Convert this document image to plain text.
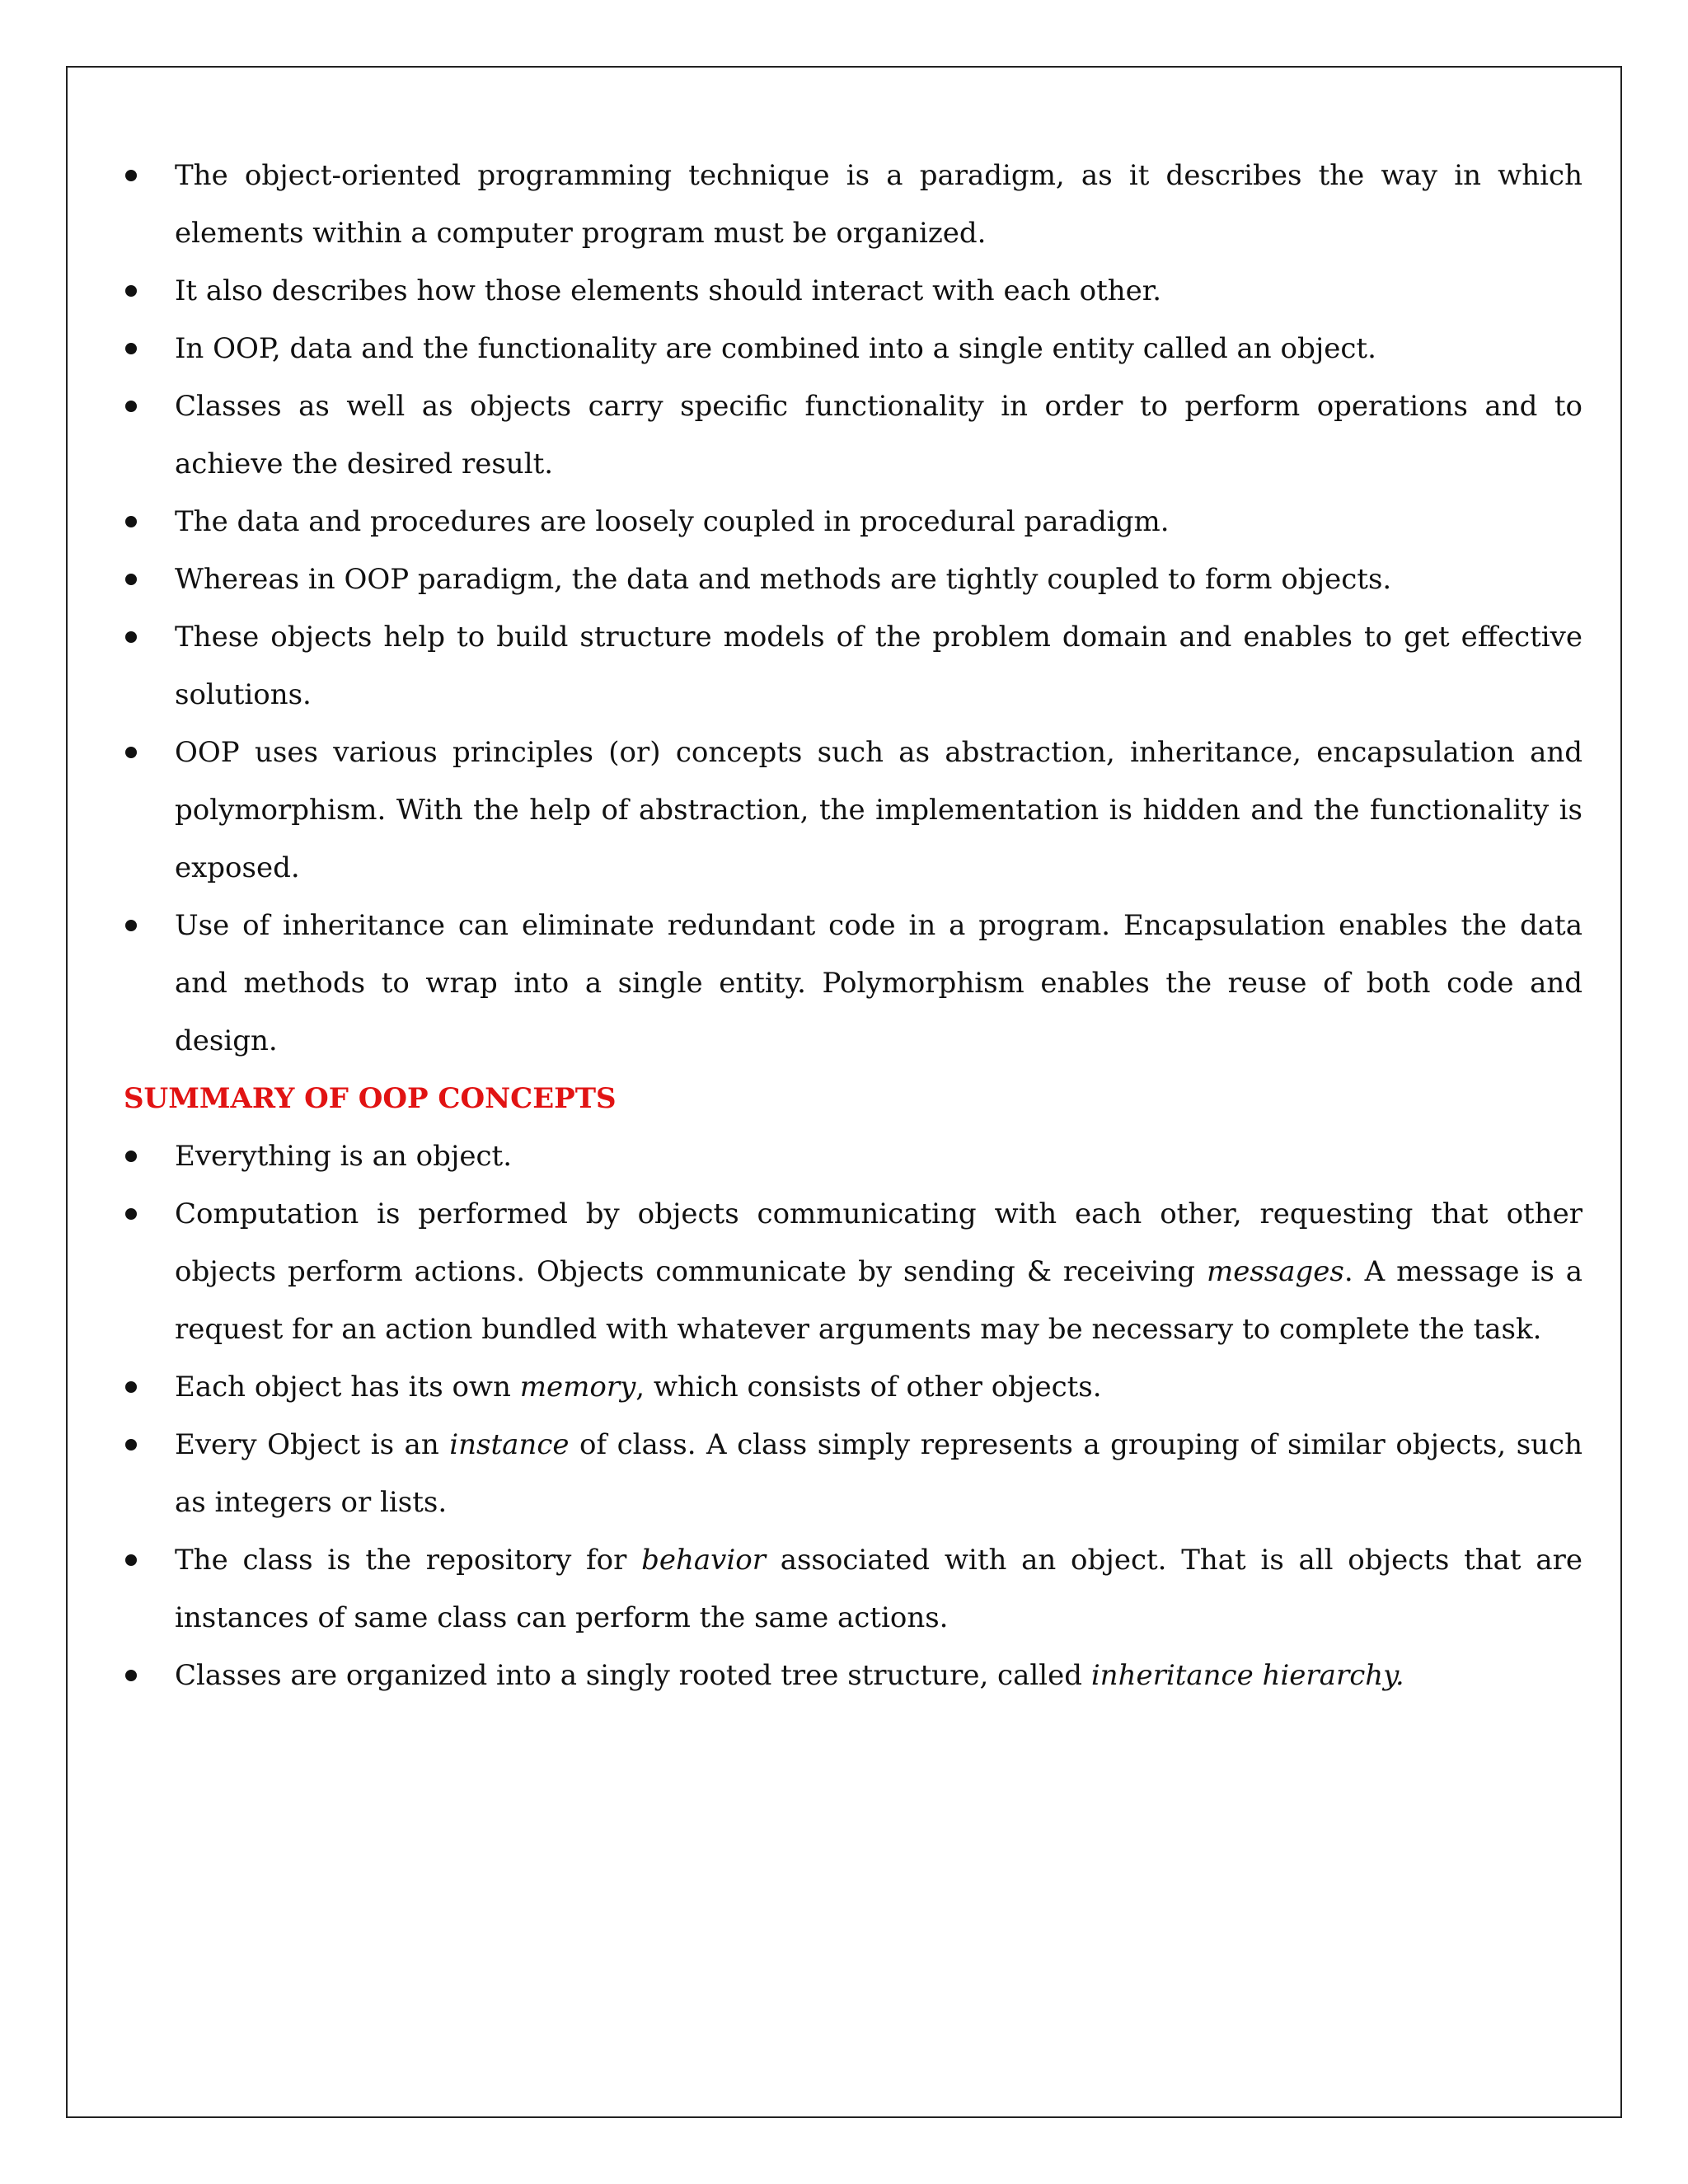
The object-oriented programming technique is a paradigm, as it describes the way in which elements within a computer program must be organized.
It also describes how those elements should interact with each other.
In OOP, data and the functionality are combined into a single entity called an object.
Classes as well as objects carry specific functionality in order to perform operations and to achieve the desired result.
The data and procedures are loosely coupled in procedural paradigm.
Whereas in OOP paradigm, the data and methods are tightly coupled to form objects.
These objects help to build structure models of the problem domain and enables to get effective solutions.
OOP uses various principles (or) concepts such as abstraction, inheritance, encapsulation and polymorphism. With the help of abstraction, the implementation is hidden and the functionality is exposed.
Use of inheritance can eliminate redundant code in a program. Encapsulation enables the data and methods to wrap into a single entity. Polymorphism enables the reuse of both code and design.

SUMMARY OF OOP CONCEPTS

Everything is an object.
Computation is performed by objects communicating with each other, requesting that other objects perform actions. Objects communicate by sending & receiving messages. A message is a request for an action bundled with whatever arguments may be necessary to complete the task.
Each object has its own memory, which consists of other objects.
Every Object is an instance of class. A class simply represents a grouping of similar objects, such as integers or lists.
The class is the repository for behavior associated with an object. That is all objects that are instances of same class can perform the same actions.
Classes are organized into a singly rooted tree structure, called inheritance hierarchy.
